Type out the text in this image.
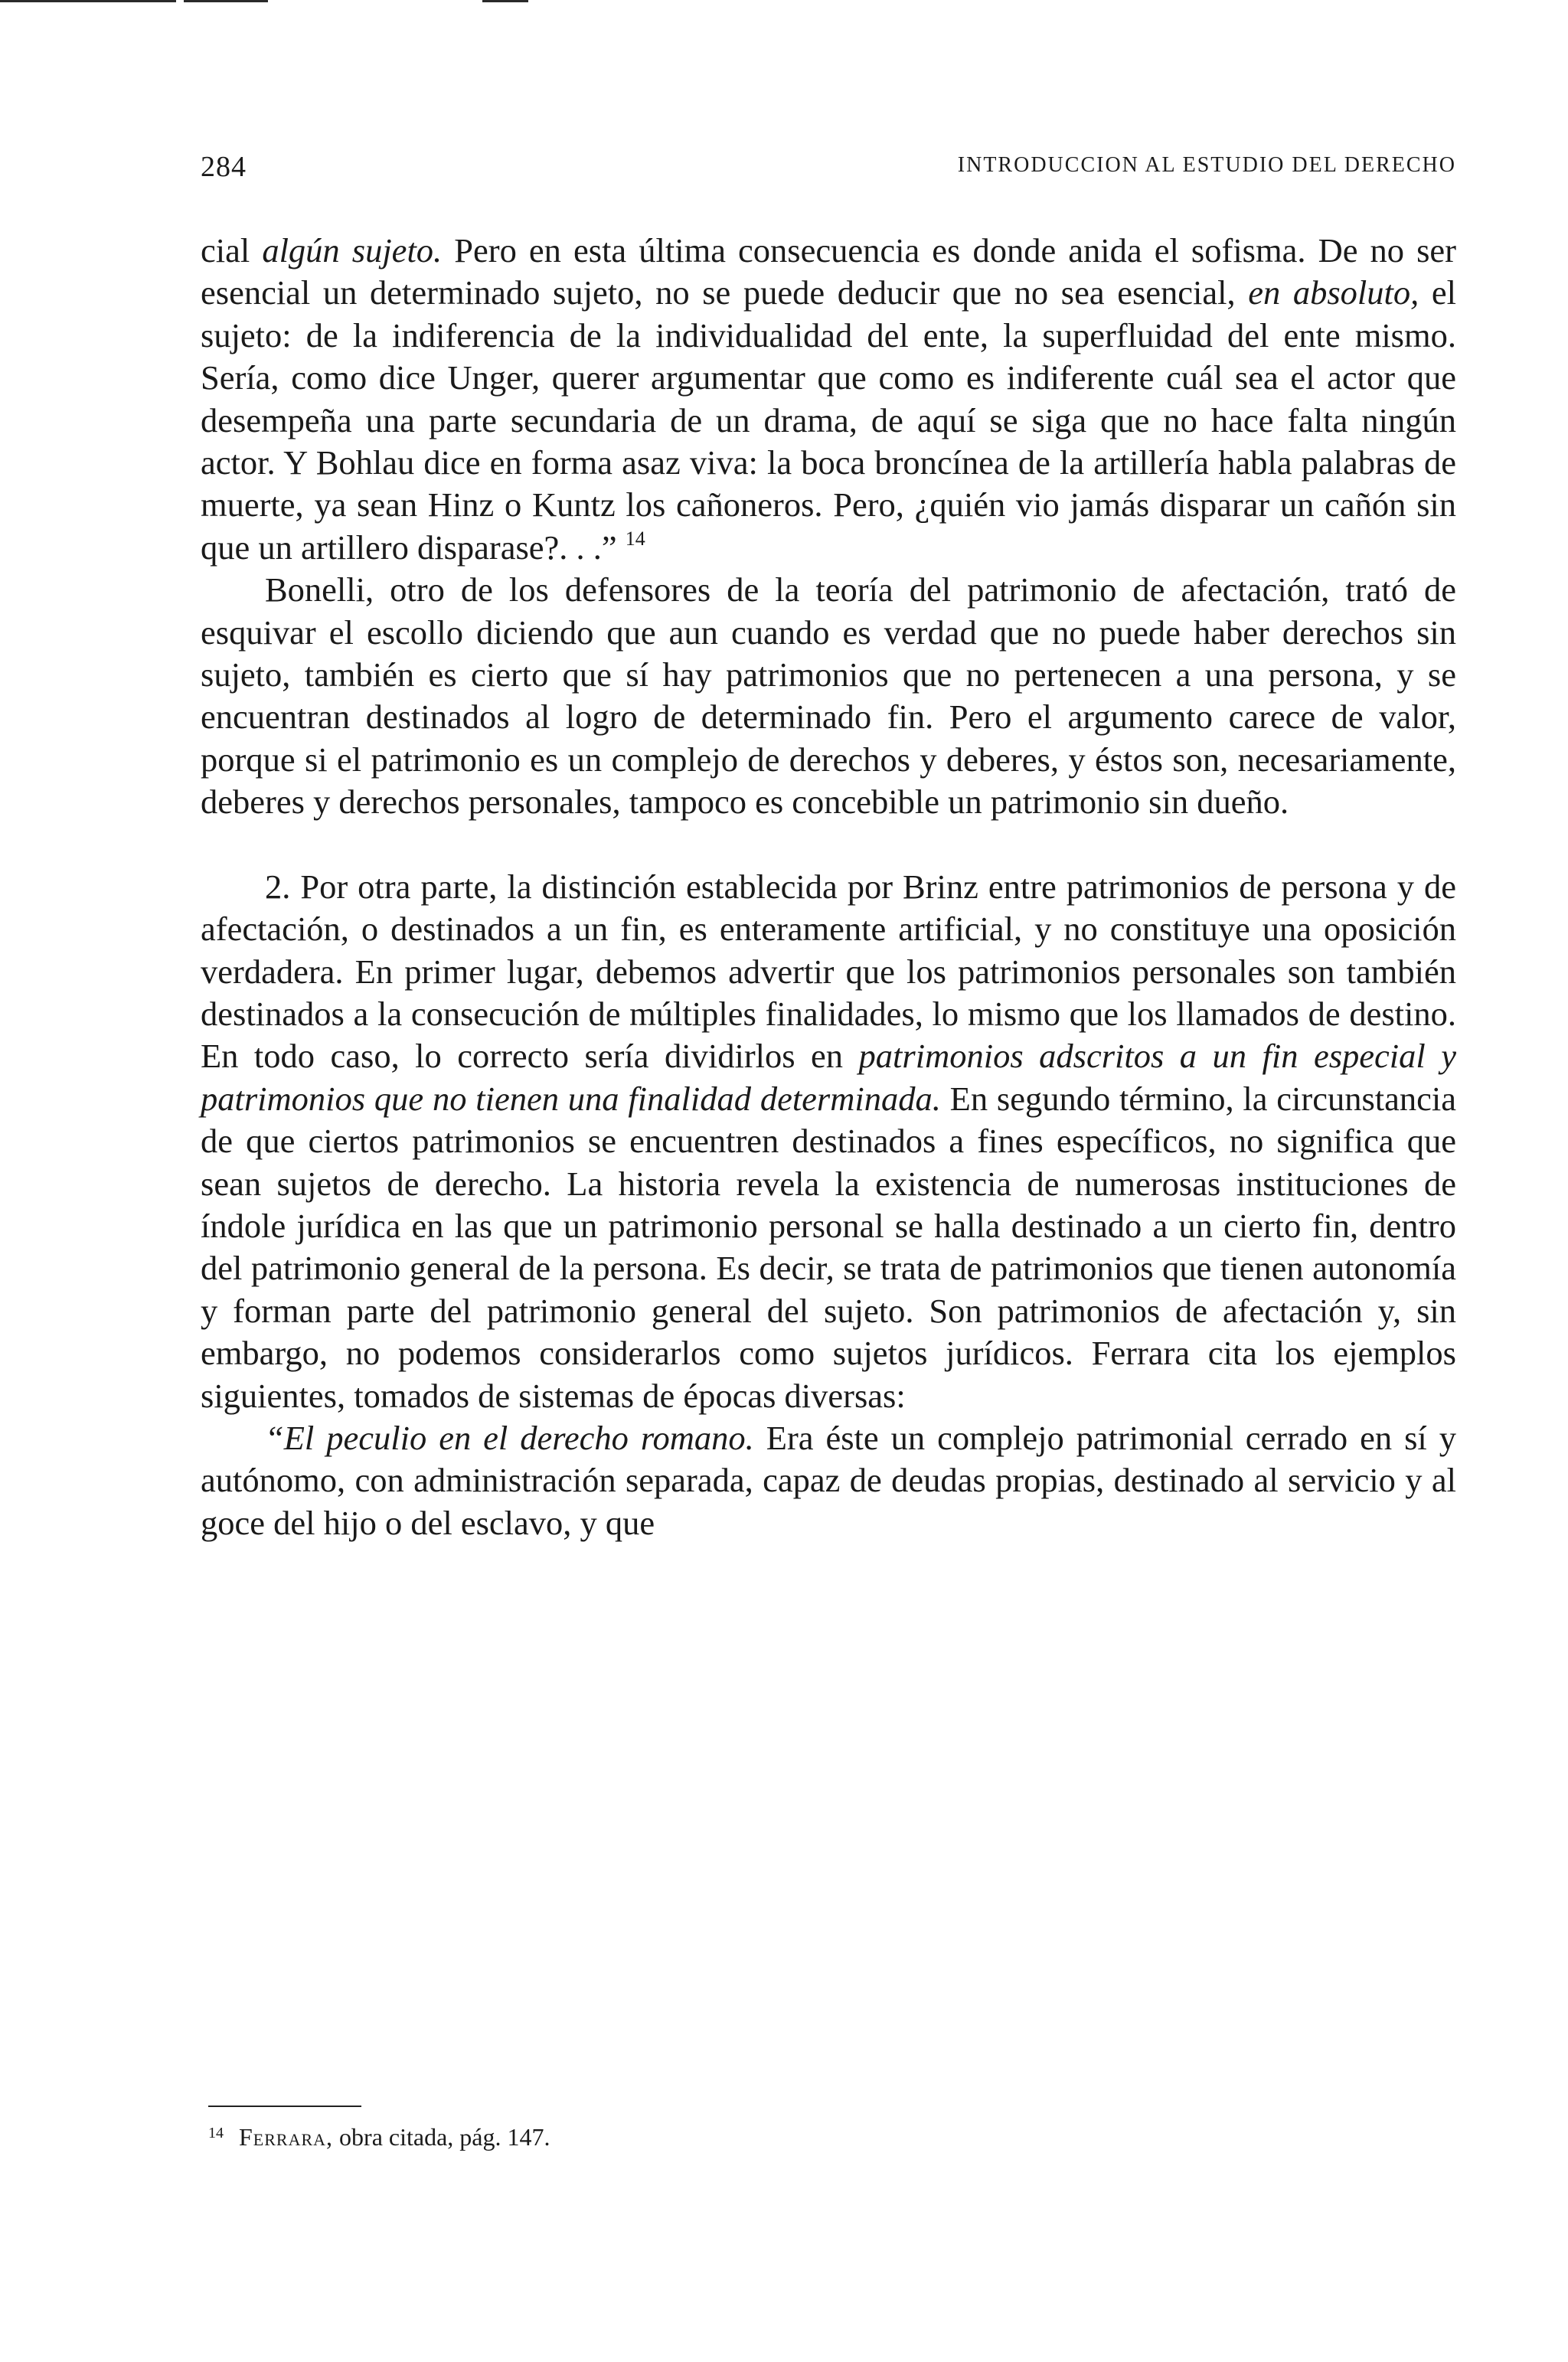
284	INTRODUCCION AL ESTUDIO DEL DERECHO

cial algún sujeto. Pero en esta última consecuencia es donde anida el sofisma. De no ser esencial un determinado sujeto, no se puede deducir que no sea esencial, en absoluto, el sujeto: de la indiferencia de la individualidad del ente, la superfluidad del ente mismo. Sería, como dice Unger, querer argumentar que como es indiferente cuál sea el actor que desempeña una parte secundaria de un drama, de aquí se siga que no hace falta ningún actor. Y Bohlau dice en forma asaz viva: la boca broncínea de la artillería habla palabras de muerte, ya sean Hinz o Kuntz los cañoneros. Pero, ¿quién vio jamás disparar un cañón sin que un artillero disparase?. . .” $^{14}$

Bonelli, otro de los defensores de la teoría del patrimonio de afectación, trató de esquivar el escollo diciendo que aun cuando es verdad que no puede haber derechos sin sujeto, también es cierto que sí hay patrimonios que no pertenecen a una persona, y se encuentran destinados al logro de determinado fin. Pero el argumento carece de valor, porque si el patrimonio es un complejo de derechos y deberes, y éstos son, necesariamente, deberes y derechos personales, tampoco es concebible un patrimonio sin dueño.

2. Por otra parte, la distinción establecida por Brinz entre patrimonios de persona y de afectación, o destinados a un fin, es enteramente artificial, y no constituye una oposición verdadera. En primer lugar, debemos advertir que los patrimonios personales son también destinados a la consecución de múltiples finalidades, lo mismo que los llamados de destino. En todo caso, lo correcto sería dividirlos en patrimonios adscritos a un fin especial y patrimonios que no tienen una finalidad determinada. En segundo término, la circunstancia de que ciertos patrimonios se encuentren destinados a fines específicos, no significa que sean sujetos de derecho. La historia revela la existencia de numerosas instituciones de índole jurídica en las que un patrimonio personal se halla destinado a un cierto fin, dentro del patrimonio general de la persona. Es decir, se trata de patrimonios que tienen autonomía y forman parte del patrimonio general del sujeto. Son patrimonios de afectación y, sin embargo, no podemos considerarlos como sujetos jurídicos. Ferrara cita los ejemplos siguientes, tomados de sistemas de épocas diversas:

“El peculio en el derecho romano. Era éste un complejo patrimonial cerrado en sí y autónomo, con administración separada, capaz de deudas propias, destinado al servicio y al goce del hijo o del esclavo, y que

$^{14}$ Ferrara, obra citada, pág. 147.
